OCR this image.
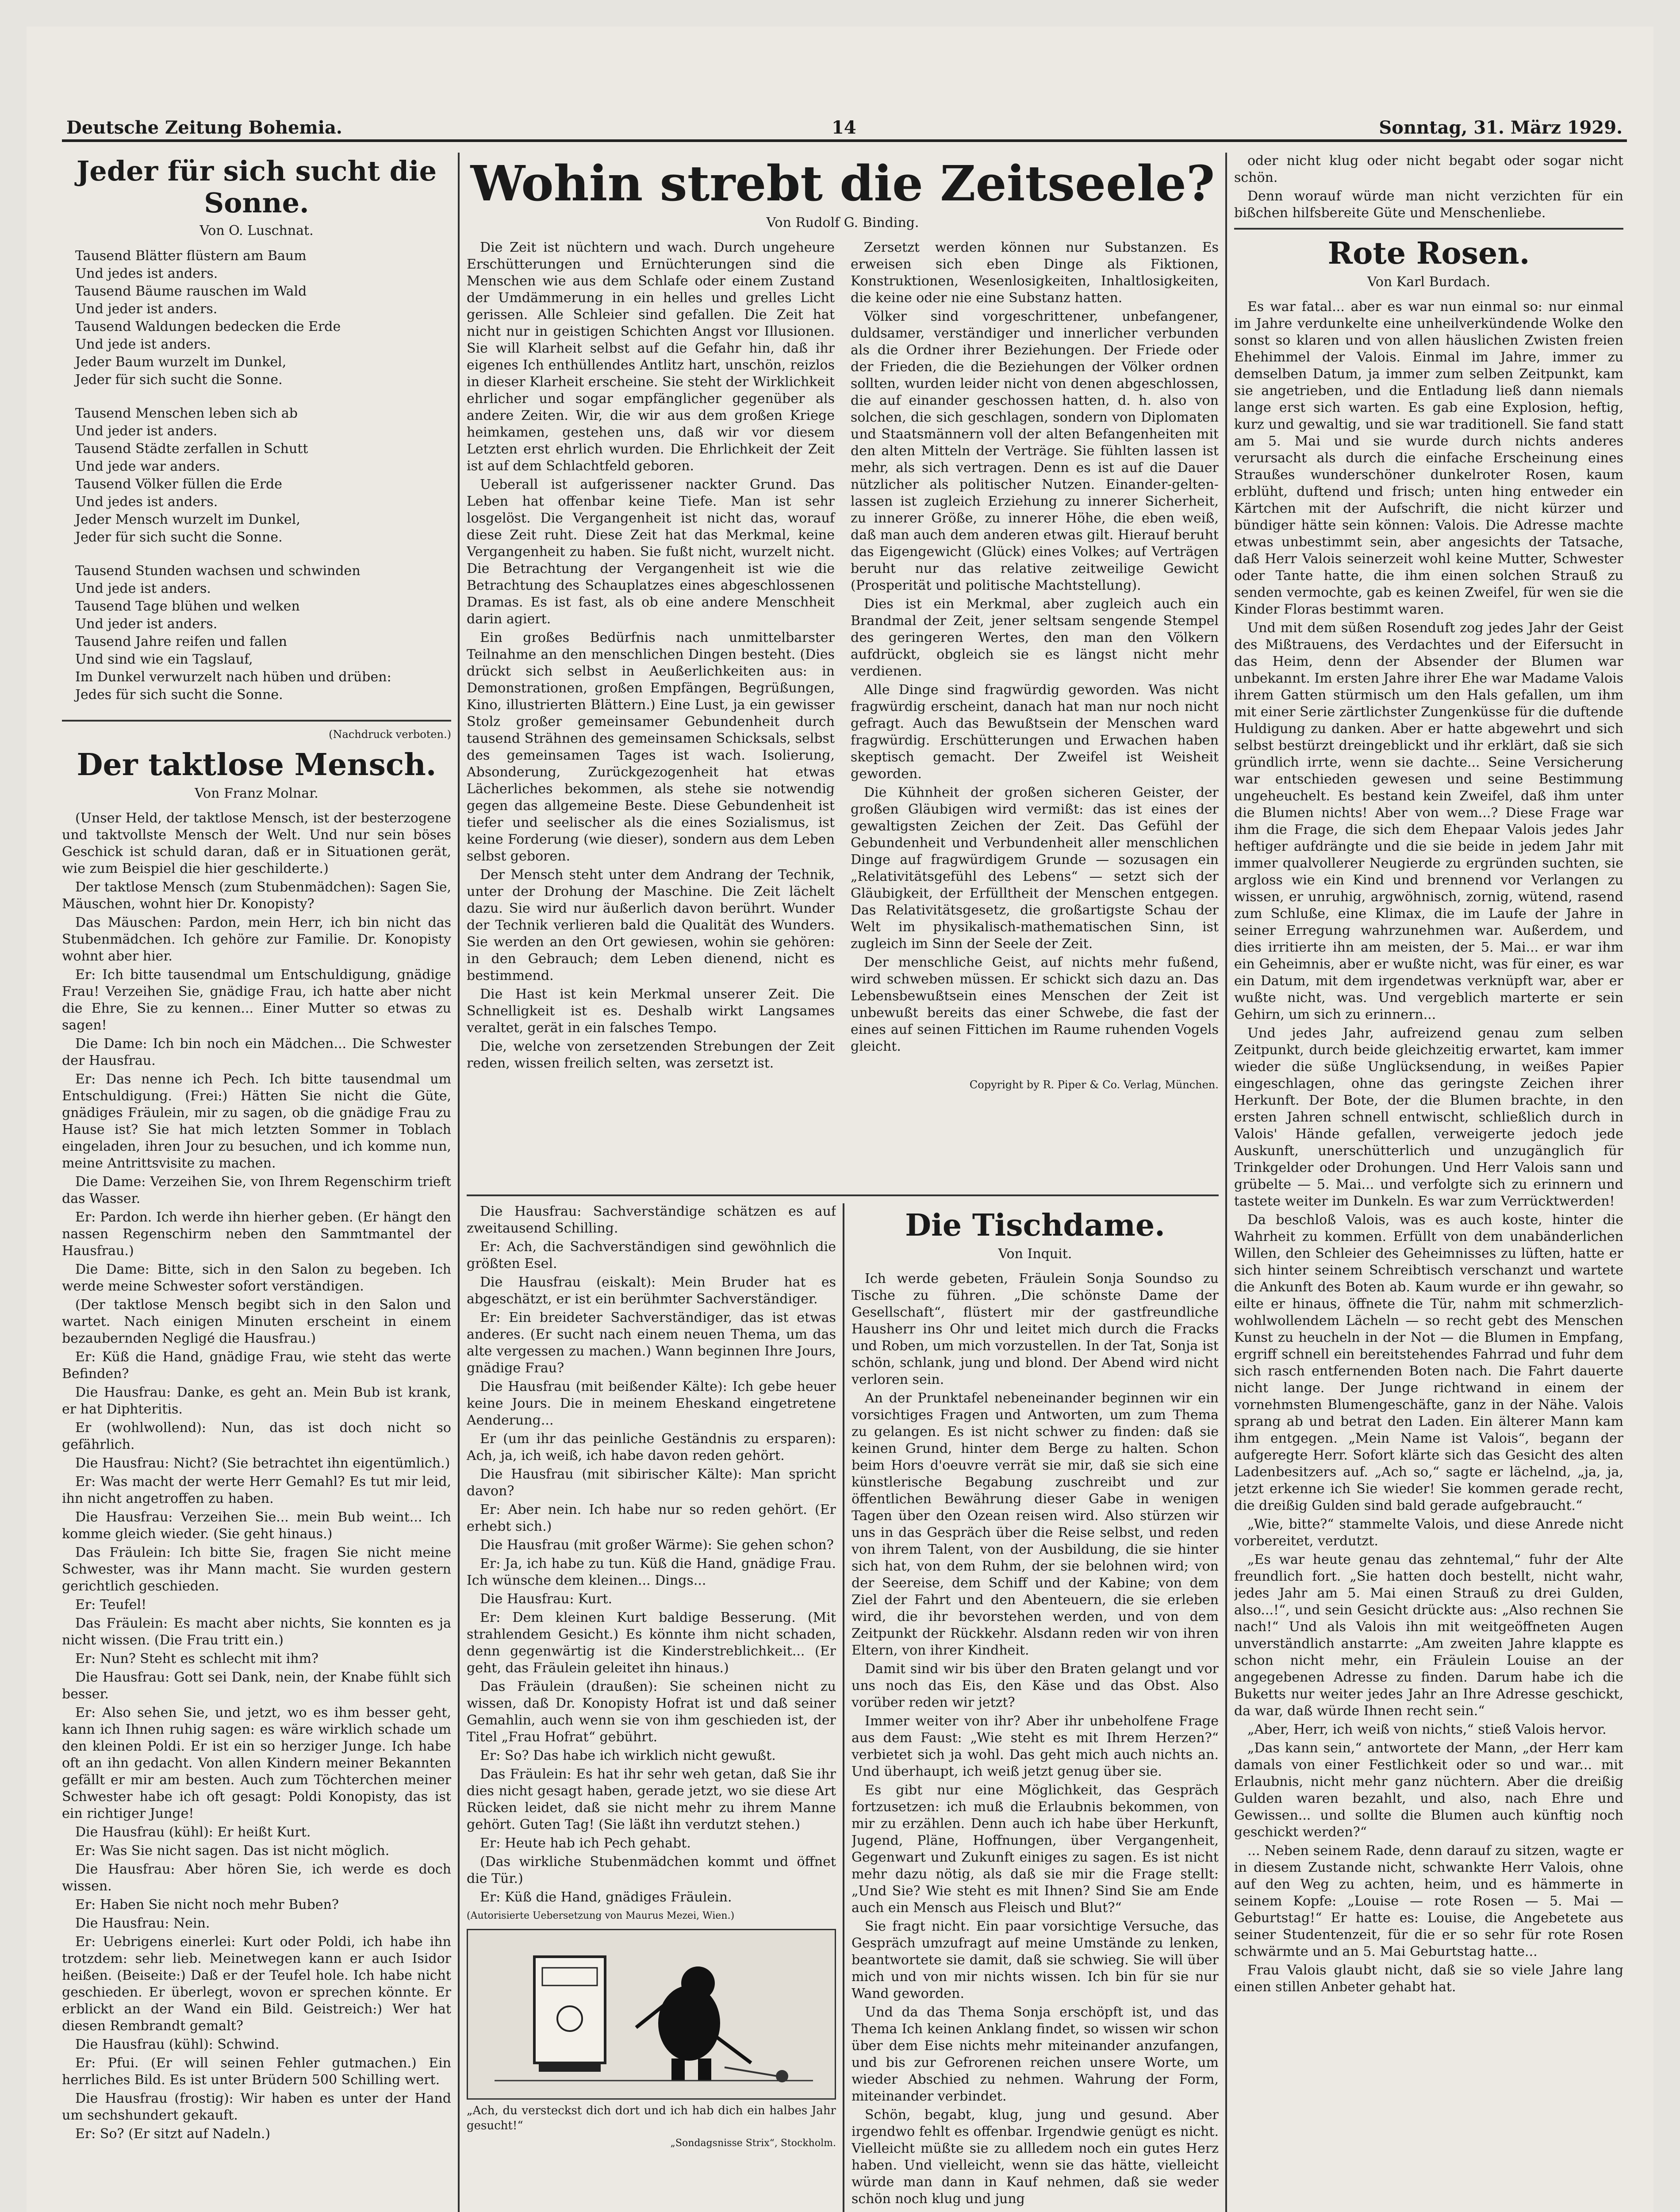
Deutsche Zeitung Bohemia.	14	Sonntag, 31. März 1929.
Jeder für sich sucht die Sonne.
Von O. Luschnat.
Tausend Blätter flüstern am Baum
Und jedes ist anders.
Tausend Bäume rauschen im Wald
Und jeder ist anders.
Tausend Waldungen bedecken die Erde
Und jede ist anders.
Jeder Baum wurzelt im Dunkel,
Jeder für sich sucht die Sonne.
Tausend Menschen leben sich ab
Und jeder ist anders.
Tausend Städte zerfallen in Schutt
Und jede war anders.
Tausend Völker füllen die Erde
Und jedes ist anders.
Jeder Mensch wurzelt im Dunkel,
Jeder für sich sucht die Sonne.
Tausend Stunden wachsen und schwinden
Und jede ist anders.
Tausend Tage blühen und welken
Und jeder ist anders.
Tausend Jahre reifen und fallen
Und sind wie ein Tagslauf,
Im Dunkel verwurzelt nach hüben und drüben:
Jedes für sich sucht die Sonne.
(Nachdruck verboten.)
Der taktlose Mensch.
Von Franz Molnar.

(Unser Held, der taktlose Mensch, ist der besterzogene und taktvollste Mensch der Welt. Und nur sein böses Geschick ist schuld daran, daß er in Situationen gerät, wie zum Beispiel die hier geschilderte.)

Der taktlose Mensch (zum Stubenmädchen): Sagen Sie, Mäuschen, wohnt hier Dr. Konopisty?

Das Mäuschen: Pardon, mein Herr, ich bin nicht das Stubenmädchen. Ich gehöre zur Familie. Dr. Konopisty wohnt aber hier.

Er: Ich bitte tausendmal um Entschuldigung, gnädige Frau! Verzeihen Sie, gnädige Frau, ich hatte aber nicht die Ehre, Sie zu kennen... Einer Mutter so etwas zu sagen!

Die Dame: Ich bin noch ein Mädchen... Die Schwester der Hausfrau.

Er: Das nenne ich Pech. Ich bitte tausendmal um Entschuldigung. (Frei:) Hätten Sie nicht die Güte, gnädiges Fräulein, mir zu sagen, ob die gnädige Frau zu Hause ist? Sie hat mich letzten Sommer in Toblach eingeladen, ihren Jour zu besuchen, und ich komme nun, meine Antrittsvisite zu machen.

Die Dame: Verzeihen Sie, von Ihrem Regenschirm trieft das Wasser.

Er: Pardon. Ich werde ihn hierher geben. (Er hängt den nassen Regenschirm neben den Sammtmantel der Hausfrau.)

Die Dame: Bitte, sich in den Salon zu begeben. Ich werde meine Schwester sofort verständigen.

(Der taktlose Mensch begibt sich in den Salon und wartet. Nach einigen Minuten erscheint in einem bezaubernden Negligé die Hausfrau.)

Er: Küß die Hand, gnädige Frau, wie steht das werte Befinden?

Die Hausfrau: Danke, es geht an. Mein Bub ist krank, er hat Diphteritis.

Er (wohlwollend): Nun, das ist doch nicht so gefährlich.

Die Hausfrau: Nicht? (Sie betrachtet ihn eigentümlich.)

Er: Was macht der werte Herr Gemahl? Es tut mir leid, ihn nicht angetroffen zu haben.

Die Hausfrau: Verzeihen Sie... mein Bub weint... Ich komme gleich wieder. (Sie geht hinaus.)

Das Fräulein: Ich bitte Sie, fragen Sie nicht meine Schwester, was ihr Mann macht. Sie wurden gestern gerichtlich geschieden.

Er: Teufel!

Das Fräulein: Es macht aber nichts, Sie konnten es ja nicht wissen. (Die Frau tritt ein.)

Er: Nun? Steht es schlecht mit ihm?

Die Hausfrau: Gott sei Dank, nein, der Knabe fühlt sich besser.

Er: Also sehen Sie, und jetzt, wo es ihm besser geht, kann ich Ihnen ruhig sagen: es wäre wirklich schade um den kleinen Poldi. Er ist ein so herziger Junge. Ich habe oft an ihn gedacht. Von allen Kindern meiner Bekannten gefällt er mir am besten. Auch zum Töchterchen meiner Schwester habe ich oft gesagt: Poldi Konopisty, das ist ein richtiger Junge!

Die Hausfrau (kühl): Er heißt Kurt.

Er: Was Sie nicht sagen. Das ist nicht möglich.

Die Hausfrau: Aber hören Sie, ich werde es doch wissen.

Er: Haben Sie nicht noch mehr Buben?

Die Hausfrau: Nein.

Er: Uebrigens einerlei: Kurt oder Poldi, ich habe ihn trotzdem: sehr lieb. Meinetwegen kann er auch Isidor heißen. (Beiseite:) Daß er der Teufel hole. Ich habe nicht geschieden. Er überlegt, wovon er sprechen könnte. Er erblickt an der Wand ein Bild. Geistreich:) Wer hat diesen Rembrandt gemalt?

Die Hausfrau (kühl): Schwind.

Er: Pfui. (Er will seinen Fehler gutmachen.) Ein herrliches Bild. Es ist unter Brüdern 500 Schilling wert.

Die Hausfrau (frostig): Wir haben es unter der Hand um sechshundert gekauft.

Er: So? (Er sitzt auf Nadeln.)

Wohin strebt die Zeitseele?
Von Rudolf G. Binding.

Die Zeit ist nüchtern und wach. Durch ungeheure Erschütterungen und Ernüchterungen sind die Menschen wie aus dem Schlafe oder einem Zustand der Umdämmerung in ein helles und grelles Licht gerissen. Alle Schleier sind gefallen. Die Zeit hat nicht nur in geistigen Schichten Angst vor Illusionen. Sie will Klarheit selbst auf die Gefahr hin, daß ihr eigenes Ich enthüllendes Antlitz hart, unschön, reizlos in dieser Klarheit erscheine. Sie steht der Wirklichkeit ehrlicher und sogar empfänglicher gegenüber als andere Zeiten. Wir, die wir aus dem großen Kriege heimkamen, gestehen uns, daß wir vor diesem Letzten erst ehrlich wurden. Die Ehrlichkeit der Zeit ist auf dem Schlachtfeld geboren.

Ueberall ist aufgerissener nackter Grund. Das Leben hat offenbar keine Tiefe. Man ist sehr losgelöst. Die Vergangenheit ist nicht das, worauf diese Zeit ruht. Diese Zeit hat das Merkmal, keine Vergangenheit zu haben. Sie fußt nicht, wurzelt nicht. Die Betrachtung der Vergangenheit ist wie die Betrachtung des Schauplatzes eines abgeschlossenen Dramas. Es ist fast, als ob eine andere Menschheit darin agiert.

Ein großes Bedürfnis nach unmittelbarster Teilnahme an den menschlichen Dingen besteht. (Dies drückt sich selbst in Aeußerlichkeiten aus: in Demonstrationen, großen Empfängen, Begrüßungen, Kino, illustrierten Blättern.) Eine Lust, ja ein gewisser Stolz großer gemeinsamer Gebundenheit durch tausend Strähnen des gemeinsamen Schicksals, selbst des gemeinsamen Tages ist wach. Isolierung, Absonderung, Zurückgezogenheit hat etwas Lächerliches bekommen, als stehe sie notwendig gegen das allgemeine Beste. Diese Gebundenheit ist tiefer und seelischer als die eines Sozialismus, ist keine Forderung (wie dieser), sondern aus dem Leben selbst geboren.

Der Mensch steht unter dem Andrang der Technik, unter der Drohung der Maschine. Die Zeit lächelt dazu. Sie wird nur äußerlich davon berührt. Wunder der Technik verlieren bald die Qualität des Wunders. Sie werden an den Ort gewiesen, wohin sie gehören: in den Gebrauch; dem Leben dienend, nicht es bestimmend.

Die Hast ist kein Merkmal unserer Zeit. Die Schnelligkeit ist es. Deshalb wirkt Langsames veraltet, gerät in ein falsches Tempo.

Die, welche von zersetzenden Strebungen der Zeit reden, wissen freilich selten, was zersetzt ist.

Zersetzt werden können nur Substanzen. Es erweisen sich eben Dinge als Fiktionen, Konstruktionen, Wesenlosigkeiten, Inhaltlosigkeiten, die keine oder nie eine Substanz hatten.

Völker sind vorgeschrittener, unbefangener, duldsamer, verständiger und innerlicher verbunden als die Ordner ihrer Beziehungen. Der Friede oder der Frieden, die die Beziehungen der Völker ordnen sollten, wurden leider nicht von denen abgeschlossen, die auf einander geschossen hatten, d. h. also von solchen, die sich geschlagen, sondern von Diplomaten und Staatsmännern voll der alten Befangenheiten mit den alten Mitteln der Verträge. Sie fühlten lassen ist mehr, als sich vertragen. Denn es ist auf die Dauer nützlicher als politischer Nutzen. Einander-gelten-lassen ist zugleich Erziehung zu innerer Sicherheit, zu innerer Größe, zu innerer Höhe, die eben weiß, daß man auch dem anderen etwas gilt. Hierauf beruht das Eigengewicht (Glück) eines Volkes; auf Verträgen beruht nur das relative zeitweilige Gewicht (Prosperität und politische Machtstellung).

Dies ist ein Merkmal, aber zugleich auch ein Brandmal der Zeit, jener seltsam sengende Stempel des geringeren Wertes, den man den Völkern aufdrückt, obgleich sie es längst nicht mehr verdienen.

Alle Dinge sind fragwürdig geworden. Was nicht fragwürdig erscheint, danach hat man nur noch nicht gefragt. Auch das Bewußtsein der Menschen ward fragwürdig. Erschütterungen und Erwachen haben skeptisch gemacht. Der Zweifel ist Weisheit geworden.

Die Kühnheit der großen sicheren Geister, der großen Gläubigen wird vermißt: das ist eines der gewaltigsten Zeichen der Zeit. Das Gefühl der Gebundenheit und Verbundenheit aller menschlichen Dinge auf fragwürdigem Grunde — sozusagen ein „Relativitätsgefühl des Lebens“ — setzt sich der Gläubigkeit, der Erfülltheit der Menschen entgegen. Das Relativitätsgesetz, die großartigste Schau der Welt im physikalisch-mathematischen Sinn, ist zugleich im Sinn der Seele der Zeit.

Der menschliche Geist, auf nichts mehr fußend, wird schweben müssen. Er schickt sich dazu an. Das Lebensbewußtsein eines Menschen der Zeit ist unbewußt bereits das einer Schwebe, die fast der eines auf seinen Fittichen im Raume ruhenden Vogels gleicht.

Copyright by R. Piper & Co. Verlag, München.

Die Hausfrau: Sachverständige schätzen es auf zweitausend Schilling.

Er: Ach, die Sachverständigen sind gewöhnlich die größten Esel.

Die Hausfrau (eiskalt): Mein Bruder hat es abgeschätzt, er ist ein berühmter Sachverständiger.

Er: Ein breideter Sachverständiger, das ist etwas anderes. (Er sucht nach einem neuen Thema, um das alte vergessen zu machen.) Wann beginnen Ihre Jours, gnädige Frau?

Die Hausfrau (mit beißender Kälte): Ich gebe heuer keine Jours. Die in meinem Eheskand eingetretene Aenderung...

Er (um ihr das peinliche Geständnis zu ersparen): Ach, ja, ich weiß, ich habe davon reden gehört.

Die Hausfrau (mit sibirischer Kälte): Man spricht davon?

Er: Aber nein. Ich habe nur so reden gehört. (Er erhebt sich.)

Die Hausfrau (mit großer Wärme): Sie gehen schon?

Er: Ja, ich habe zu tun. Küß die Hand, gnädige Frau. Ich wünsche dem kleinen... Dings...

Die Hausfrau: Kurt.

Er: Dem kleinen Kurt baldige Besserung. (Mit strahlendem Gesicht.) Es könnte ihm nicht schaden, denn gegenwärtig ist die Kinderstreblichkeit... (Er geht, das Fräulein geleitet ihn hinaus.)

Das Fräulein (draußen): Sie scheinen nicht zu wissen, daß Dr. Konopisty Hofrat ist und daß seiner Gemahlin, auch wenn sie von ihm geschieden ist, der Titel „Frau Hofrat“ gebührt.

Er: So? Das habe ich wirklich nicht gewußt.

Das Fräulein: Es hat ihr sehr weh getan, daß Sie ihr dies nicht gesagt haben, gerade jetzt, wo sie diese Art Rücken leidet, daß sie nicht mehr zu ihrem Manne gehört. Guten Tag! (Sie läßt ihn verdutzt stehen.)

Er: Heute hab ich Pech gehabt.

(Das wirkliche Stubenmädchen kommt und öffnet die Tür.)

Er: Küß die Hand, gnädiges Fräulein.

(Autorisierte Uebersetzung von Maurus Mezei, Wien.)
„Ach, du versteckst dich dort und ich hab dich ein halbes Jahr gesucht!“
„Sondagsnisse Strix“, Stockholm.
Die Tischdame.
Von Inquit.

Ich werde gebeten, Fräulein Sonja Soundso zu Tische zu führen. „Die schönste Dame der Gesellschaft“, flüstert mir der gastfreundliche Hausherr ins Ohr und leitet mich durch die Fracks und Roben, um mich vorzustellen. In der Tat, Sonja ist schön, schlank, jung und blond. Der Abend wird nicht verloren sein.

An der Prunktafel nebeneinander beginnen wir ein vorsichtiges Fragen und Antworten, um zum Thema zu gelangen. Es ist nicht schwer zu finden: daß sie keinen Grund, hinter dem Berge zu halten. Schon beim Hors d'oeuvre verrät sie mir, daß sie sich eine künstlerische Begabung zuschreibt und zur öffentlichen Bewährung dieser Gabe in wenigen Tagen über den Ozean reisen wird. Also stürzen wir uns in das Gespräch über die Reise selbst, und reden von ihrem Talent, von der Ausbildung, die sie hinter sich hat, von dem Ruhm, der sie belohnen wird; von der Seereise, dem Schiff und der Kabine; von dem Ziel der Fahrt und den Abenteuern, die sie erleben wird, die ihr bevorstehen werden, und von dem Zeitpunkt der Rückkehr. Alsdann reden wir von ihren Eltern, von ihrer Kindheit.

Damit sind wir bis über den Braten gelangt und vor uns noch das Eis, den Käse und das Obst. Also vorüber reden wir jetzt?

Immer weiter von ihr? Aber ihr unbeholfene Frage aus dem Faust: „Wie steht es mit Ihrem Herzen?“ verbietet sich ja wohl. Das geht mich auch nichts an. Und überhaupt, ich weiß jetzt genug über sie.

Es gibt nur eine Möglichkeit, das Gespräch fortzusetzen: ich muß die Erlaubnis bekommen, von mir zu erzählen. Denn auch ich habe über Herkunft, Jugend, Pläne, Hoffnungen, über Vergangenheit, Gegenwart und Zukunft einiges zu sagen. Es ist nicht mehr dazu nötig, als daß sie mir die Frage stellt: „Und Sie? Wie steht es mit Ihnen? Sind Sie am Ende auch ein Mensch aus Fleisch und Blut?“

Sie fragt nicht. Ein paar vorsichtige Versuche, das Gespräch umzufragt auf meine Umstände zu lenken, beantwortete sie damit, daß sie schwieg. Sie will über mich und von mir nichts wissen. Ich bin für sie nur Wand geworden.

Und da das Thema Sonja erschöpft ist, und das Thema Ich keinen Anklang findet, so wissen wir schon über dem Eise nichts mehr miteinander anzufangen, und bis zur Gefrorenen reichen unsere Worte, um wieder Abschied zu nehmen. Wahrung der Form, miteinander verbindet.

Schön, begabt, klug, jung und gesund. Aber irgendwo fehlt es offenbar. Irgendwie genügt es nicht. Vielleicht müßte sie zu allledem noch ein gutes Herz haben. Und vielleicht, wenn sie das hätte, vielleicht würde man dann in Kauf nehmen, daß sie weder schön noch klug und jung

oder nicht klug oder nicht begabt oder sogar nicht schön.

Denn worauf würde man nicht verzichten für ein bißchen hilfsbereite Güte und Menschenliebe.

Rote Rosen.
Von Karl Burdach.

Es war fatal... aber es war nun einmal so: nur einmal im Jahre verdunkelte eine unheilverkündende Wolke den sonst so klaren und von allen häuslichen Zwisten freien Ehehimmel der Valois. Einmal im Jahre, immer zu demselben Datum, ja immer zum selben Zeitpunkt, kam sie angetrieben, und die Entladung ließ dann niemals lange erst sich warten. Es gab eine Explosion, heftig, kurz und gewaltig, und sie war traditionell. Sie fand statt am 5. Mai und sie wurde durch nichts anderes verursacht als durch die einfache Erscheinung eines Straußes wunderschöner dunkelroter Rosen, kaum erblüht, duftend und frisch; unten hing entweder ein Kärtchen mit der Aufschrift, die nicht kürzer und bündiger hätte sein können: Valois. Die Adresse machte etwas unbestimmt sein, aber angesichts der Tatsache, daß Herr Valois seinerzeit wohl keine Mutter, Schwester oder Tante hatte, die ihm einen solchen Strauß zu senden vermochte, gab es keinen Zweifel, für wen sie die Kinder Floras bestimmt waren.

Und mit dem süßen Rosenduft zog jedes Jahr der Geist des Mißtrauens, des Verdachtes und der Eifersucht in das Heim, denn der Absender der Blumen war unbekannt. Im ersten Jahre ihrer Ehe war Madame Valois ihrem Gatten stürmisch um den Hals gefallen, um ihm mit einer Serie zärtlichster Zungenküsse für die duftende Huldigung zu danken. Aber er hatte abgewehrt und sich selbst bestürzt dreingeblickt und ihr erklärt, daß sie sich gründlich irrte, wenn sie dachte... Seine Versicherung war entschieden gewesen und seine Bestimmung ungeheuchelt. Es bestand kein Zweifel, daß ihm unter die Blumen nichts! Aber von wem...? Diese Frage war ihm die Frage, die sich dem Ehepaar Valois jedes Jahr heftiger aufdrängte und die sie beide in jedem Jahr mit immer qualvollerer Neugierde zu ergründen suchten, sie argloss wie ein Kind und brennend vor Verlangen zu wissen, er unruhig, argwöhnisch, zornig, wütend, rasend zum Schluße, eine Klimax, die im Laufe der Jahre in seiner Erregung wahrzunehmen war. Außerdem, und dies irritierte ihn am meisten, der 5. Mai... er war ihm ein Geheimnis, aber er wußte nicht, was für einer, es war ein Datum, mit dem irgendetwas verknüpft war, aber er wußte nicht, was. Und vergeblich marterte er sein Gehirn, um sich zu erinnern...

Und jedes Jahr, aufreizend genau zum selben Zeitpunkt, durch beide gleichzeitig erwartet, kam immer wieder die süße Unglücksendung, in weißes Papier eingeschlagen, ohne das geringste Zeichen ihrer Herkunft. Der Bote, der die Blumen brachte, in den ersten Jahren schnell entwischt, schließlich durch in Valois' Hände gefallen, verweigerte jedoch jede Auskunft, unerschütterlich und unzugänglich für Trinkgelder oder Drohungen. Und Herr Valois sann und grübelte — 5. Mai... und verfolgte sich zu erinnern und tastete weiter im Dunkeln. Es war zum Verrücktwerden!

Da beschloß Valois, was es auch koste, hinter die Wahrheit zu kommen. Erfüllt von dem unabänderlichen Willen, den Schleier des Geheimnisses zu lüften, hatte er sich hinter seinem Schreibtisch verschanzt und wartete die Ankunft des Boten ab. Kaum wurde er ihn gewahr, so eilte er hinaus, öffnete die Tür, nahm mit schmerzlich-wohlwollendem Lächeln — so recht gebt des Menschen Kunst zu heucheln in der Not — die Blumen in Empfang, ergriff schnell ein bereitstehendes Fahrrad und fuhr dem sich rasch entfernenden Boten nach. Die Fahrt dauerte nicht lange. Der Junge richtwand in einem der vornehmsten Blumengeschäfte, ganz in der Nähe. Valois sprang ab und betrat den Laden. Ein älterer Mann kam ihm entgegen. „Mein Name ist Valois“, begann der aufgeregte Herr. Sofort klärte sich das Gesicht des alten Ladenbesitzers auf. „Ach so,“ sagte er lächelnd, „ja, ja, jetzt erkenne ich Sie wieder! Sie kommen gerade recht, die dreißig Gulden sind bald gerade aufgebraucht.“

„Wie, bitte?“ stammelte Valois, und diese Anrede nicht vorbereitet, verdutzt.

„Es war heute genau das zehntemal,“ fuhr der Alte freundlich fort. „Sie hatten doch bestellt, nicht wahr, jedes Jahr am 5. Mai einen Strauß zu drei Gulden, also...!“, und sein Gesicht drückte aus: „Also rechnen Sie nach!“ Und als Valois ihn mit weitgeöffneten Augen unverständlich anstarrte: „Am zweiten Jahre klappte es schon nicht mehr, ein Fräulein Louise an der angegebenen Adresse zu finden. Darum habe ich die Buketts nur weiter jedes Jahr an Ihre Adresse geschickt, da war, daß würde Ihnen recht sein.“

„Aber, Herr, ich weiß von nichts,“ stieß Valois hervor.

„Das kann sein,“ antwortete der Mann, „der Herr kam damals von einer Festlichkeit oder so und war... mit Erlaubnis, nicht mehr ganz nüchtern. Aber die dreißig Gulden waren bezahlt, und also, nach Ehre und Gewissen... und sollte die Blumen auch künftig noch geschickt werden?“

... Neben seinem Rade, denn darauf zu sitzen, wagte er in diesem Zustande nicht, schwankte Herr Valois, ohne auf den Weg zu achten, heim, und es hämmerte in seinem Kopfe: „Louise — rote Rosen — 5. Mai — Geburtstag!“ Er hatte es: Louise, die Angebetete aus seiner Studentenzeit, für die er so sehr für rote Rosen schwärmte und an 5. Mai Geburtstag hatte...

Frau Valois glaubt nicht, daß sie so viele Jahre lang einen stillen Anbeter gehabt hat.
